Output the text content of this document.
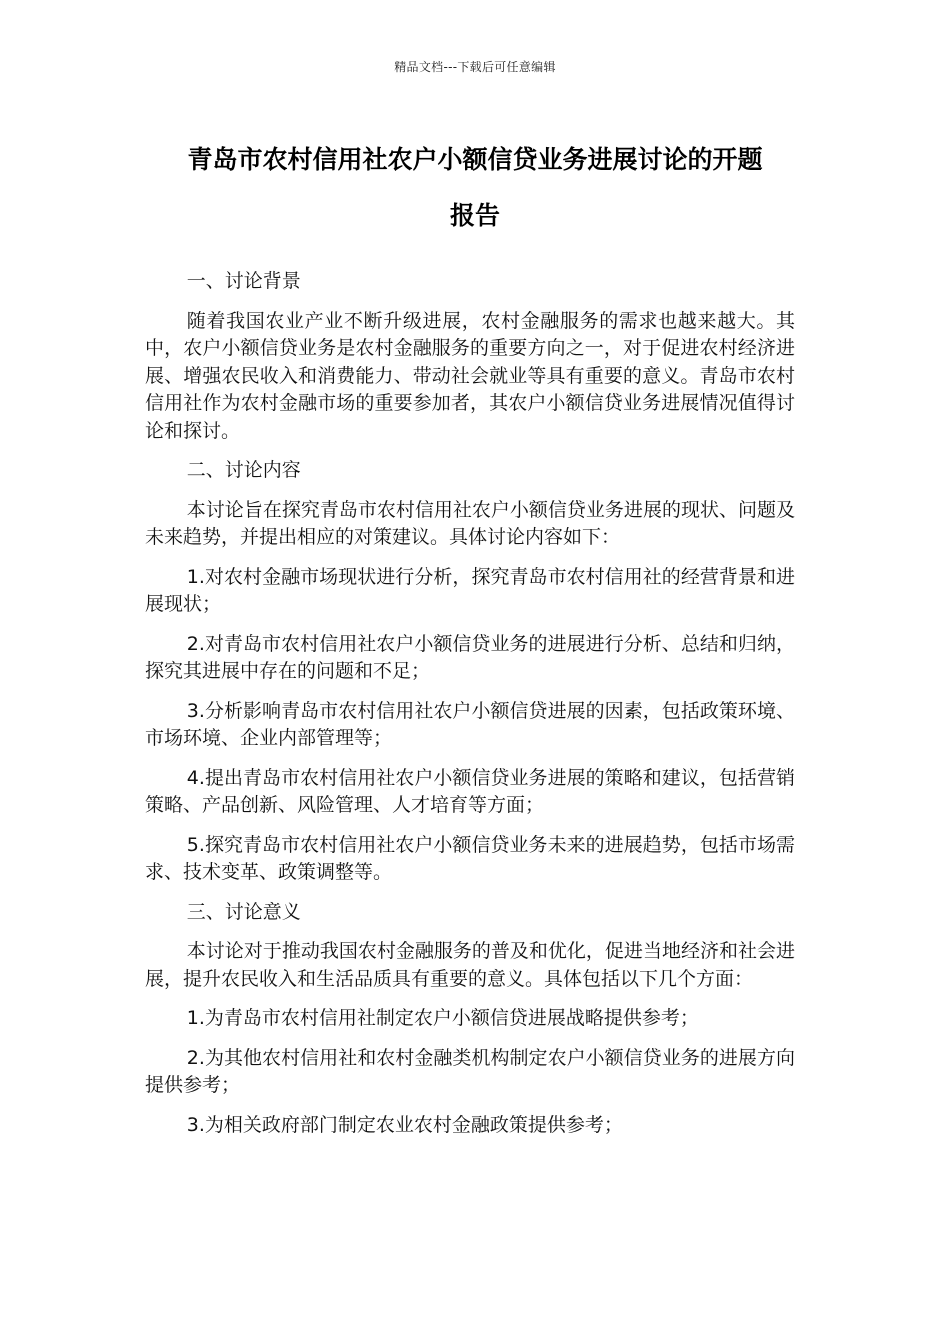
精品文档---下载后可任意编辑
青岛市农村信用社农户小额信贷业务进展讨论的开题
报告

一、讨论背景

随着我国农业产业不断升级进展，农村金融服务的需求也越来越大。其中，农户小额信贷业务是农村金融服务的重要方向之一，对于促进农村经济进展、增强农民收入和消费能力、带动社会就业等具有重要的意义。青岛市农村信用社作为农村金融市场的重要参加者，其农户小额信贷业务进展情况值得讨论和探讨。

二、讨论内容

本讨论旨在探究青岛市农村信用社农户小额信贷业务进展的现状、问题及未来趋势，并提出相应的对策建议。具体讨论内容如下：

1.对农村金融市场现状进行分析，探究青岛市农村信用社的经营背景和进展现状；

2.对青岛市农村信用社农户小额信贷业务的进展进行分析、总结和归纳，探究其进展中存在的问题和不足；

3.分析影响青岛市农村信用社农户小额信贷进展的因素，包括政策环境、市场环境、企业内部管理等；

4.提出青岛市农村信用社农户小额信贷业务进展的策略和建议，包括营销策略、产品创新、风险管理、人才培育等方面；

5.探究青岛市农村信用社农户小额信贷业务未来的进展趋势，包括市场需求、技术变革、政策调整等。

三、讨论意义

本讨论对于推动我国农村金融服务的普及和优化，促进当地经济和社会进展，提升农民收入和生活品质具有重要的意义。具体包括以下几个方面：

1.为青岛市农村信用社制定农户小额信贷进展战略提供参考；

2.为其他农村信用社和农村金融类机构制定农户小额信贷业务的进展方向提供参考；

3.为相关政府部门制定农业农村金融政策提供参考；
